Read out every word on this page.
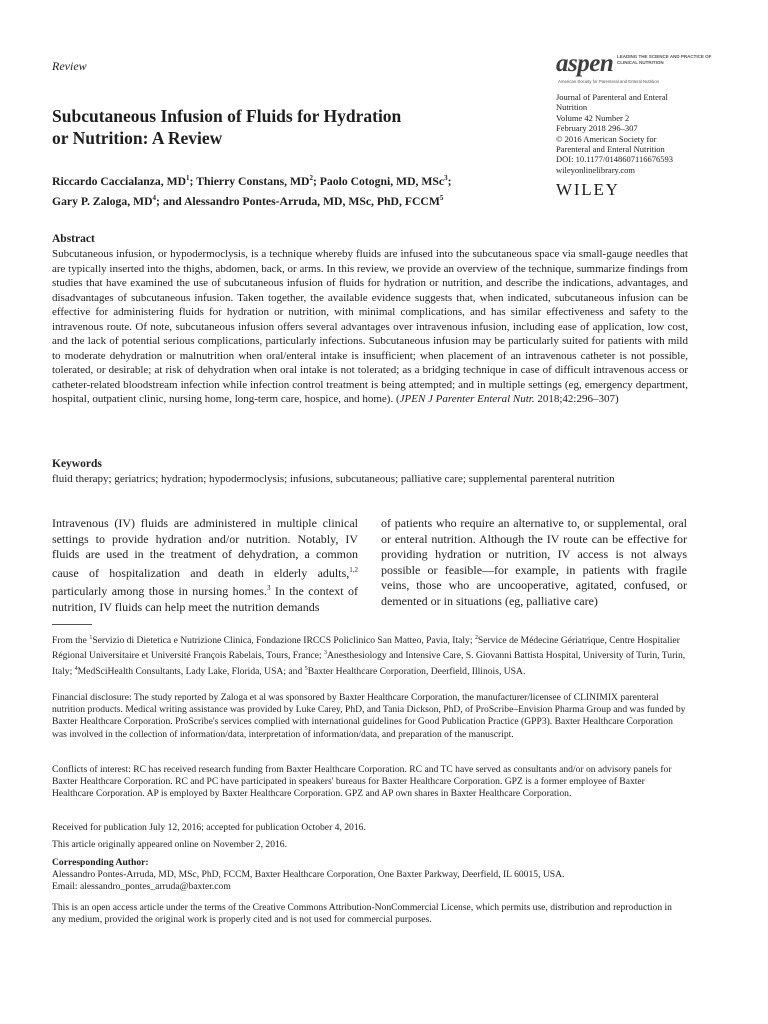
Review	aspen LEADING THE SCIENCE AND PRACTICE OF CLINICAL NUTRITION
American Society for Parenteral and Enteral Nutrition
Journal of Parenteral and Enteral
Nutrition
Volume 42 Number 2
February 2018 296–307
© 2016 American Society for
Parenteral and Enteral Nutrition
DOI: 10.1177/0148607116676593
wileyonlinelibrary.com
WILEY
Subcutaneous Infusion of Fluids for Hydration
or Nutrition: A Review
Riccardo Caccialanza, $MD^1$; Thierry Constans, $MD^2$; Paolo Cotogni, MD, MSc$^3$;
Gary P. Zaloga, $MD^4$; and Alessandro Pontes-Arruda, MD, MSc, PhD, FCCM$^5$
Abstract
Subcutaneous infusion, or hypodermoclysis, is a technique whereby fluids are infused into the subcutaneous space via small-gauge needles that are typically inserted into the thighs, abdomen, back, or arms. In this review, we provide an overview of the technique, summarize findings from studies that have examined the use of subcutaneous infusion of fluids for hydration or nutrition, and describe the indications, advantages, and disadvantages of subcutaneous infusion. Taken together, the available evidence suggests that, when indicated, subcutaneous infusion can be effective for administering fluids for hydration or nutrition, with minimal complications, and has similar effectiveness and safety to the intravenous route. Of note, subcutaneous infusion offers several advantages over intravenous infusion, including ease of application, low cost, and the lack of potential serious complications, particularly infections. Subcutaneous infusion may be particularly suited for patients with mild to moderate dehydration or malnutrition when oral/enteral intake is insufficient; when placement of an intravenous catheter is not possible, tolerated, or desirable; at risk of dehydration when oral intake is not tolerated; as a bridging technique in case of difficult intravenous access or catheter-related bloodstream infection while infection control treatment is being attempted; and in multiple settings (eg, emergency department, hospital, outpatient clinic, nursing home, long-term care, hospice, and home). (JPEN J Parenter Enteral Nutr. 2018;42:296–307)
Keywords
fluid therapy; geriatrics; hydration; hypodermoclysis; infusions, subcutaneous; palliative care; supplemental parenteral nutrition
Intravenous (IV) fluids are administered in multiple clinical settings to provide hydration and/or nutrition. Notably, IV fluids are used in the treatment of dehydration, a common cause of hospitalization and death in elderly adults,$^{1,2}$ particularly among those in nursing homes.$^3$ In the context of nutrition, IV fluids can help meet the nutrition demands
of patients who require an alternative to, or supplemental, oral or enteral nutrition. Although the IV route can be effective for providing hydration or nutrition, IV access is not always possible or feasible—for example, in patients with fragile veins, those who are uncooperative, agitated, confused, or demented or in situations (eg, palliative care)
From the $^1$Servizio di Dietetica e Nutrizione Clinica, Fondazione IRCCS Policlinico San Matteo, Pavia, Italy; $^2$Service de Médecine Gériatrique, Centre Hospitalier Régional Universitaire et Université François Rabelais, Tours, France; $^3$Anesthesiology and Intensive Care, S. Giovanni Battista Hospital, University of Turin, Turin, Italy; $^4$MedSciHealth Consultants, Lady Lake, Florida, USA; and $^5$Baxter Healthcare Corporation, Deerfield, Illinois, USA.
Financial disclosure: The study reported by Zaloga et al was sponsored by Baxter Healthcare Corporation, the manufacturer/licensee of CLINIMIX parenteral nutrition products. Medical writing assistance was provided by Luke Carey, PhD, and Tania Dickson, PhD, of ProScribe–Envision Pharma Group and was funded by Baxter Healthcare Corporation. ProScribe's services complied with international guidelines for Good Publication Practice (GPP3). Baxter Healthcare Corporation was involved in the collection of information/data, interpretation of information/data, and preparation of the manuscript.
Conflicts of interest: RC has received research funding from Baxter Healthcare Corporation. RC and TC have served as consultants and/or on advisory panels for Baxter Healthcare Corporation. RC and PC have participated in speakers' bureaus for Baxter Healthcare Corporation. GPZ is a former employee of Baxter Healthcare Corporation. AP is employed by Baxter Healthcare Corporation. GPZ and AP own shares in Baxter Healthcare Corporation.
Received for publication July 12, 2016; accepted for publication October 4, 2016.
This article originally appeared online on November 2, 2016.
Corresponding Author:
Alessandro Pontes-Arruda, MD, MSc, PhD, FCCM, Baxter Healthcare Corporation, One Baxter Parkway, Deerfield, IL 60015, USA.
Email: alessandro_pontes_arruda@baxter.com
This is an open access article under the terms of the Creative Commons Attribution-NonCommercial License, which permits use, distribution and reproduction in any medium, provided the original work is properly cited and is not used for commercial purposes.
